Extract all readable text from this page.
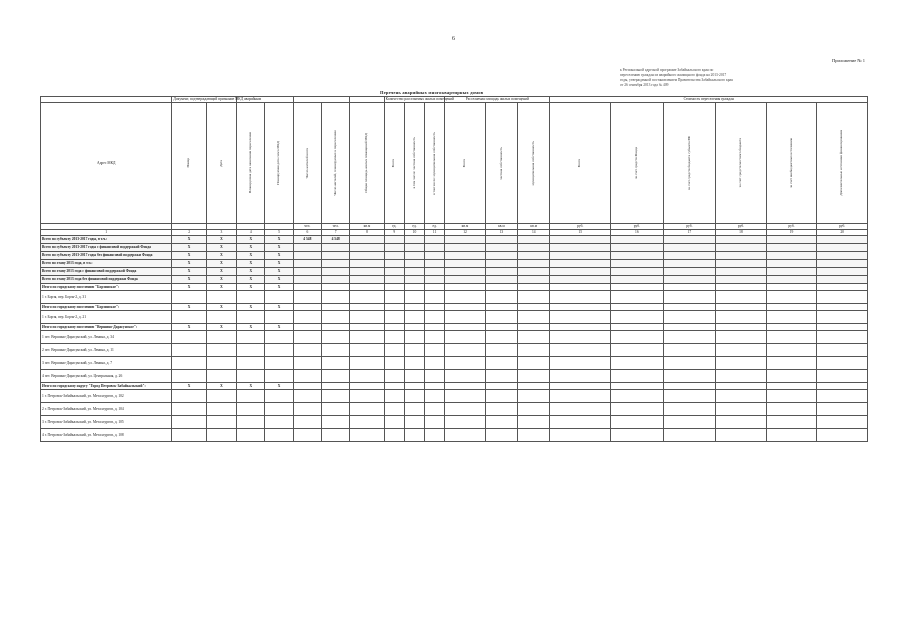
6
Приложение № 1
к Региональной адресной программе Забайкальского края по
переселению граждан из аварийного жилищного фонда на 2013-2017
годы, утвержденной постановлением Правительства Забайкальского края
от 26 сентября 2013 года № 409
Перечень аварийных многоквартирных домов
	Документ, подтверждающий признание МКД аварийным							Количество расселяемых жилых помещений			Расселяемая площадь жилых помещений			Стоимость переселения граждан					

Адрес МКД	Номер	Дата	Планируемая дата окончания переселения	Планируемая дата сноса МКД	Число жителей всего	Число жителей, планируемых к переселению	Общая площадь жилых помещений МКД	Всего	в том числе: частная собственность	в том числе: муниципальная собственность	Всего	частная собственность	муниципальная собственность	Всего	за счет средств Фонда	за счет средств бюджета субъекта РФ	за счет средств местного бюджета	за счет внебюджетных источников	Дополнительные источники финансирования

					чел.	чел.	кв.м	ед.	ед.	ед.	кв.м	кв.м	кв.м	руб.	руб.	руб.	руб.	руб.	руб.
1	2	3	4	5	6	7	8	9	10	11	12	13	14	15	16	17	18	19	20
Всего по субъекту 2013-2017 годы, в т.ч.:	X	X	X	X	4 548	4 548													
Всего по субъекту 2013-2017 годы с финансовой поддержкой Фонда	X	X	X	X															
Всего по субъекту 2013-2017 годы без финансовой поддержки Фонда	X	X	X	X															
Всего по этапу 2013 года, в т.ч.:	X	X	X	X															
Всего по этапу 2013 года с финансовой поддержкой Фонда	X	X	X	X															
Всего по этапу 2013 года без финансовой поддержки Фонда	X	X	X	X															
Итого по городскому поселению "Борзинское":	X	X	X	X															
1 г. Борзя, пер. Борзя-2, д. 31																			
Итого по городскому поселению "Борзинское":	X	X	X	X															
1 г. Борзя, пер. Борзя-2, д. 21																			
Итого по городскому поселению "Вершино-Дарасунское":	X	X	X	X															
1 пгт. Вершино-Дарасунский, ул. Ленина, д. 34																			
2 пгт. Вершино-Дарасунский, ул. Ленина, д. 11																			
3 пгт. Вершино-Дарасунский, ул. Ленина, д. 7																			
4 пгт. Вершино-Дарасунский, ул. Центральная, д. 26																			
Итого по городскому округу "Город Петровск-Забайкальский":	X	X	X	X															
1 г. Петровск-Забайкальский, ул. Металлургов, д. 102																			
2 г. Петровск-Забайкальский, ул. Металлургов, д. 104																			
3 г. Петровск-Забайкальский, ул. Металлургов, д. 105																			
4 г. Петровск-Забайкальский, ул. Металлургов, д. 108																			
